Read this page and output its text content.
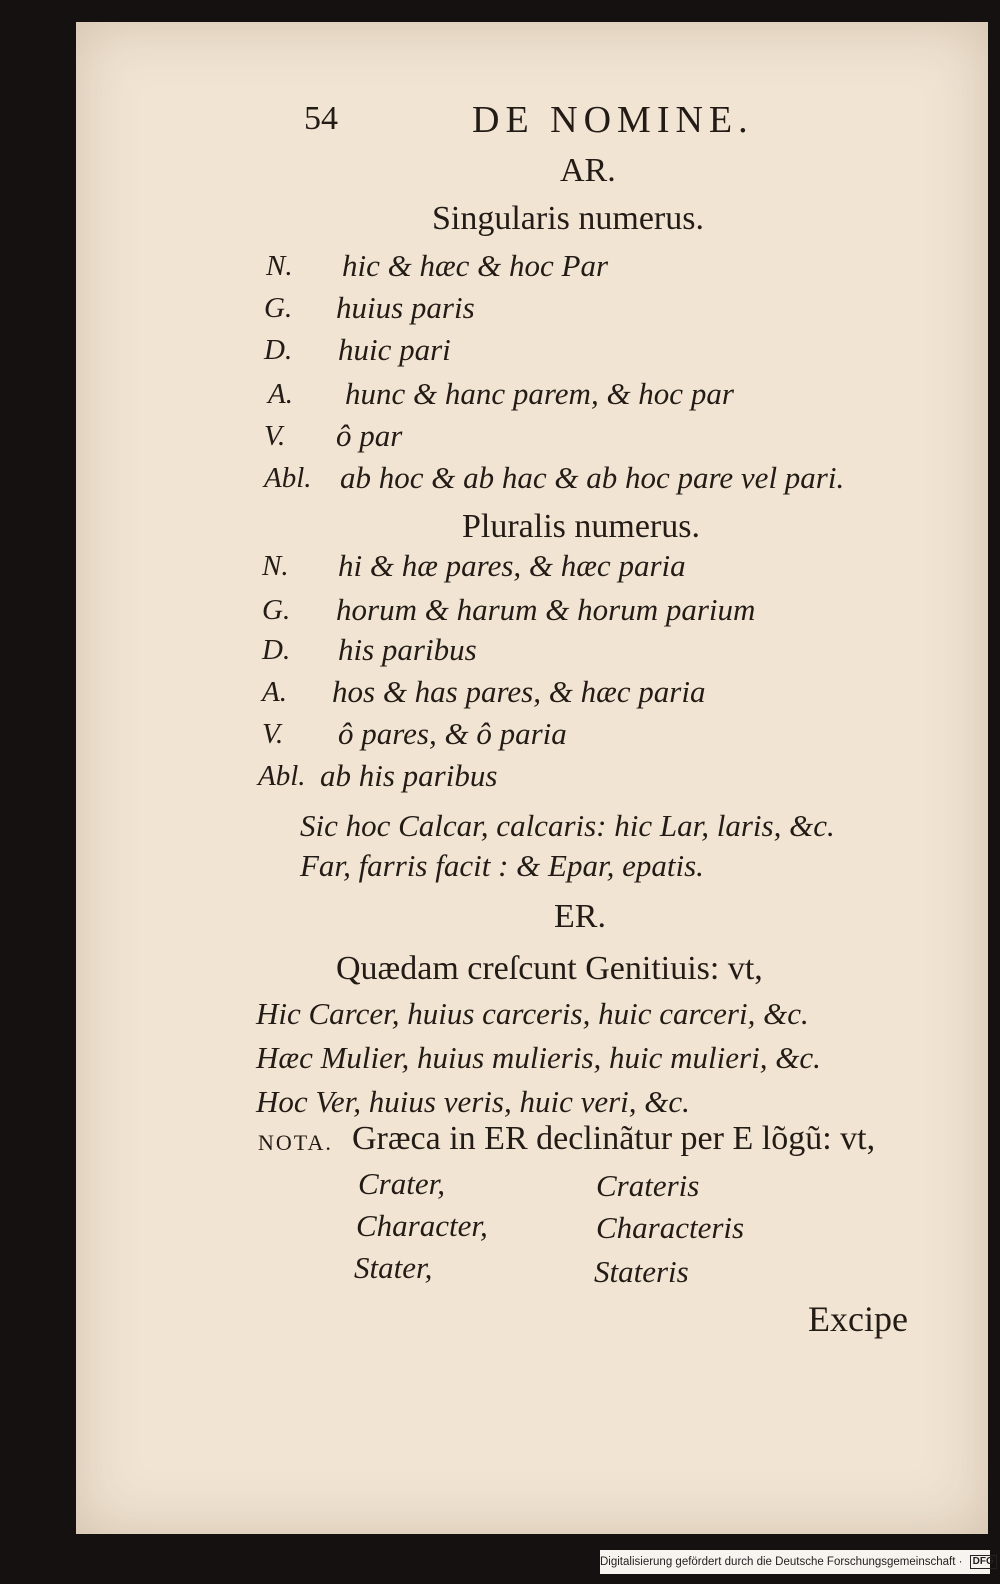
54	DE NOMINE.
AR.
Singularis numerus.
N. hic & hæc & hoc Par
G. huius paris
D. huic pari
A. hunc & hanc parem, & hoc par
V. ô par
Abl. ab hoc & ab hac & ab hoc pare vel pari.
Pluralis numerus.
N. hi & hæ pares, & hæc paria
G. horum & harum & horum parium
D. his paribus
A. hos & has pares, & hæc paria
V. ô pares, & ô paria
Abl. ab his paribus
Sic hoc Calcar, calcaris: hic Lar, laris, &c.
Far, farris facit : & Epar, epatis.
ER.
Quædam creſcunt Genitiuis: vt,
Hic Carcer, huius carceris, huic carceri, &c.
Hæc Mulier, huius mulieris, huic mulieri, &c.
Hoc Ver, huius veris, huic veri, &c.
NOTA. Græca in ER declinãtur per E lõgũ: vt,
Crater,	Crateris
Character,	Characteris
Stater,	Stateris
Excipe
Digitalisierung gefördert durch die Deutsche Forschungsgemeinschaft · DFG
